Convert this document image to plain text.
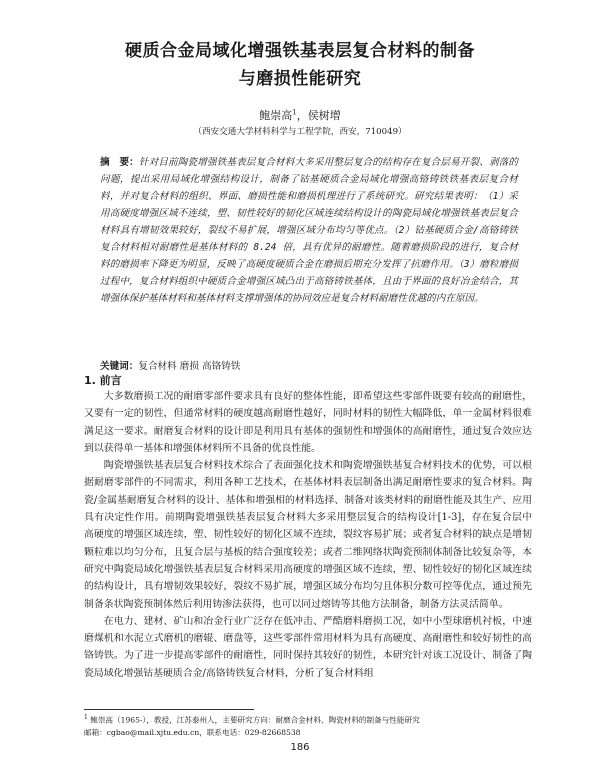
硬质合金局域化增强铁基表层复合材料的制备
与磨损性能研究
鲍崇高$^1$，侯树增
（西安交通大学材料科学与工程学院，西安，710049）
摘　要：针对目前陶瓷增强铁基表层复合材料大多采用整层复合的结构存在复合层易开裂、剥落的问题，提出采用局域化增强结构设计，制备了钴基硬质合金局域化增强高铬铸铁铁基表层复合材料，并对复合材料的组织、界面、磨损性能和磨损机理进行了系统研究。研究结果表明：（1）采用高硬度增强区域不连续，塑、韧性较好的韧化区域连续结构设计的陶瓷局域化增强铁基表层复合材料具有增韧效果较好，裂纹不易扩展，增强区域分布均匀等优点。（2）钴基硬质合金/高铬铸铁复合材料相对耐磨性是基体材料的 8.24 倍，具有优异的耐磨性。随着磨损阶段的进行，复合材料的磨损率下降更为明显，反映了高硬度硬质合金在磨损后期充分发挥了抗磨作用。（3）磨粒磨损过程中，复合材料组织中硬质合金增强区域凸出于高铬铸铁基体，且由于界面的良好冶金结合，其增强体保护基体材料和基体材料支撑增强体的协同效应是复合材料耐磨性优越的内在原因。
关键词：复合材料 磨损 高铬铸铁
1. 前言

大多数磨损工况的耐磨零部件要求具有良好的整体性能，即希望这些零部件既要有较高的耐磨性，又要有一定的韧性，但通常材料的硬度越高耐磨性越好，同时材料的韧性大幅降低，单一金属材料很难满足这一要求。耐磨复合材料的设计即是利用具有基体的强韧性和增强体的高耐磨性，通过复合效应达到以获得单一基体和增强体材料所不具备的优良性能。

陶瓷增强铁基表层复合材料技术综合了表面强化技术和陶瓷增强铁基复合材料技术的优势，可以根据耐磨零部件的不同需求，利用各种工艺技术，在基体材料表层制备出满足耐磨性要求的复合材料。陶瓷/金属基耐磨复合材料的设计、基体和增强相的材料选择、制备对该类材料的耐磨性能及其生产、应用具有决定性作用。前期陶瓷增强铁基表层复合材料大多采用整层复合的结构设计[1-3]，存在复合层中高硬度的增强区域连续，塑、韧性较好的韧化区域不连续，裂纹容易扩展；或者复合材料的缺点是增韧颗粒难以均匀分布，且复合层与基板的结合强度较差；或者二维网络状陶瓷预制体制备比较复杂等，本研究中陶瓷局域化增强铁基表层复合材料采用高硬度的增强区域不连续，塑、韧性较好的韧化区域连续的结构设计，具有增韧效果较好，裂纹不易扩展，增强区域分布均匀且体积分数可控等优点，通过预先制备条状陶瓷预制体然后利用铸渗法获得，也可以同过熔铸等其他方法制备，制备方法灵活简单。

在电力、建材、矿山和冶金行业广泛存在低冲击、严酷磨料磨损工况，如中小型球磨机衬板，中速磨煤机和水泥立式磨机的磨辊、磨盘等，这些零部件常用材料为具有高硬度、高耐磨性和较好韧性的高铬铸铁。为了进一步提高零部件的耐磨性，同时保持其较好的韧性，本研究针对该工况设计、制备了陶瓷局域化增强钴基硬质合金/高铬铸铁复合材料，分析了复合材料组

$^1$ 鲍崇高（1965-），教授，江苏泰州人，主要研究方向：耐磨合金材料、陶瓷材料的制备与性能研究
邮箱：cgbao@mail.xjtu.edu.cn，联系电话：029-82668538
186
